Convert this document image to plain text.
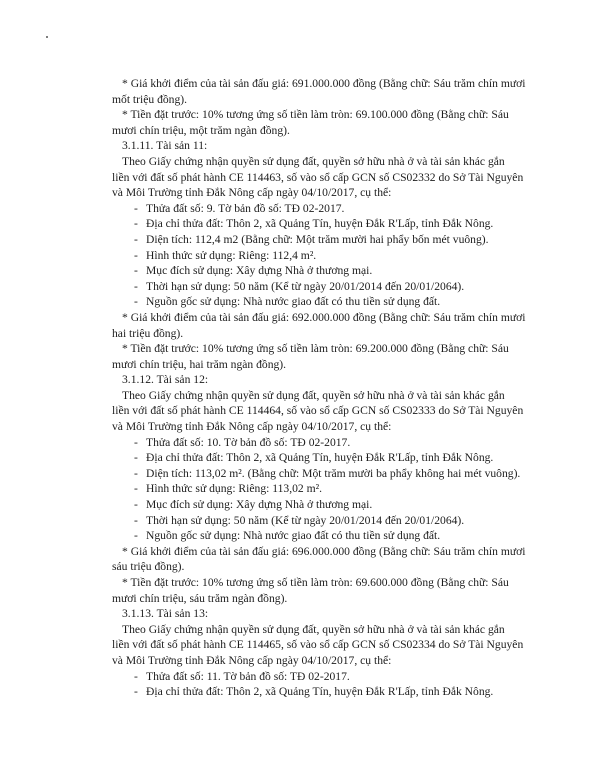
* Giá khởi điểm của tài sản đấu giá: 691.000.000 đồng (Bằng chữ: Sáu trăm chín mươi
mốt triệu đồng).
* Tiền đặt trước: 10% tương ứng số tiền làm tròn: 69.100.000 đồng (Bằng chữ: Sáu
mươi chín triệu, một trăm ngàn đồng).
3.1.11. Tài sản 11:
Theo Giấy chứng nhận quyền sử dụng đất, quyền sở hữu nhà ở và tài sản khác gắn
liền với đất số phát hành CE 114463, số vào sổ cấp GCN số CS02332 do Sở Tài Nguyên
và Môi Trường tỉnh Đắk Nông cấp ngày 04/10/2017, cụ thể:
- Thửa đất số: 9. Tờ bản đồ số: TĐ 02-2017.
- Địa chỉ thửa đất: Thôn 2, xã Quảng Tín, huyện Đắk R'Lấp, tỉnh Đắk Nông.
- Diện tích: 112,4 m2 (Bằng chữ: Một trăm mười hai phẩy bốn mét vuông).
- Hình thức sử dụng: Riêng: 112,4 m².
- Mục đích sử dụng: Xây dựng Nhà ở thương mại.
- Thời hạn sử dụng: 50 năm (Kể từ ngày 20/01/2014 đến 20/01/2064).
- Nguồn gốc sử dụng: Nhà nước giao đất có thu tiền sử dụng đất.
* Giá khởi điểm của tài sản đấu giá: 692.000.000 đồng (Bằng chữ: Sáu trăm chín mươi
hai triệu đồng).
* Tiền đặt trước: 10% tương ứng số tiền làm tròn: 69.200.000 đồng (Bằng chữ: Sáu
mươi chín triệu, hai trăm ngàn đồng).
3.1.12. Tài sản 12:
Theo Giấy chứng nhận quyền sử dụng đất, quyền sở hữu nhà ở và tài sản khác gắn
liền với đất số phát hành CE 114464, số vào sổ cấp GCN số CS02333 do Sở Tài Nguyên
và Môi Trường tỉnh Đắk Nông cấp ngày 04/10/2017, cụ thể:
- Thửa đất số: 10. Tờ bản đồ số: TĐ 02-2017.
- Địa chỉ thửa đất: Thôn 2, xã Quảng Tín, huyện Đắk R'Lấp, tỉnh Đắk Nông.
- Diện tích: 113,02 m². (Bằng chữ: Một trăm mười ba phẩy không hai mét vuông).
- Hình thức sử dụng: Riêng: 113,02 m².
- Mục đích sử dụng: Xây dựng Nhà ở thương mại.
- Thời hạn sử dụng: 50 năm (Kể từ ngày 20/01/2014 đến 20/01/2064).
- Nguồn gốc sử dụng: Nhà nước giao đất có thu tiền sử dụng đất.
* Giá khởi điểm của tài sản đấu giá: 696.000.000 đồng (Bằng chữ: Sáu trăm chín mươi
sáu triệu đồng).
* Tiền đặt trước: 10% tương ứng số tiền làm tròn: 69.600.000 đồng (Bằng chữ: Sáu
mươi chín triệu, sáu trăm ngàn đồng).
3.1.13. Tài sản 13:
Theo Giấy chứng nhận quyền sử dụng đất, quyền sở hữu nhà ở và tài sản khác gắn
liền với đất số phát hành CE 114465, số vào sổ cấp GCN số CS02334 do Sở Tài Nguyên
và Môi Trường tỉnh Đắk Nông cấp ngày 04/10/2017, cụ thể:
- Thửa đất số: 11. Tờ bản đồ số: TĐ 02-2017.
- Địa chỉ thửa đất: Thôn 2, xã Quảng Tín, huyện Đắk R'Lấp, tỉnh Đắk Nông.
